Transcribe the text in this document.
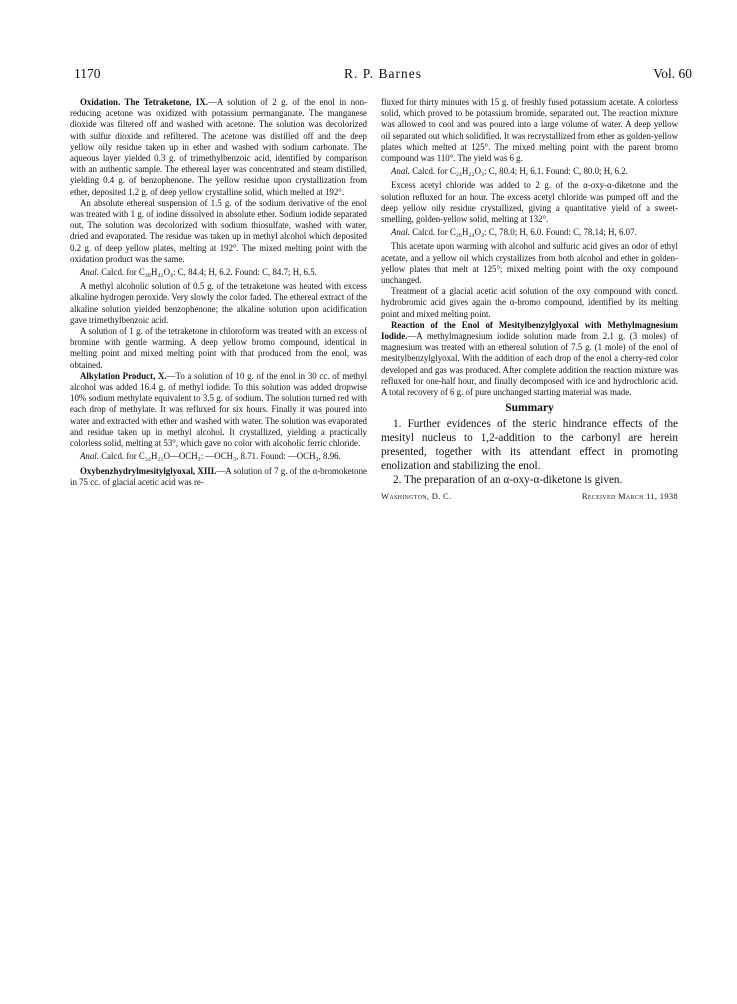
1170	R. P. Barnes	Vol. 60

Oxidation. The Tetraketone, IX.—A solution of 2 g. of the enol in non-reducing acetone was oxidized with potassium permanganate. The manganese dioxide was filtered off and washed with acetone. The solution was decolorized with sulfur dioxide and refiltered. The acetone was distilled off and the deep yellow oily residue taken up in ether and washed with sodium carbonate. The aqueous layer yielded 0.3 g. of trimethylbenzoic acid, identified by comparison with an authentic sample. The ethereal layer was concentrated and steam distilled, yielding 0.4 g. of benzophenone. The yellow residue upon crystallization from ether, deposited 1.2 g. of deep yellow crystalline solid, which melted at 192°.

An absolute ethereal suspension of 1.5 g. of the sodium derivative of the enol was treated with 1 g. of iodine dissolved in absolute ether. Sodium iodide separated out. The solution was decolorized with sodium thiosulfate, washed with water, dried and evaporated. The residue was taken up in methyl alcohol which deposited 0.2 g. of deep yellow plates, melting at 192°. The mixed melting point with the oxidation product was the same.

Anal. Calcd. for C₄₈H₄₂O₄: C, 84.4; H, 6.2. Found: C, 84.7; H, 6.5.

A methyl alcoholic solution of 0.5 g. of the tetraketone was heated with excess alkaline hydrogen peroxide. Very slowly the color faded. The ethereal extract of the alkaline solution yielded benzophenone; the alkaline solution upon acidification gave trimethylbenzoic acid.

A solution of 1 g. of the tetraketone in chloroform was treated with an excess of bromine with gentle warming. A deep yellow bromo compound, identical in melting point and mixed melting point with that produced from the enol, was obtained.

Alkylation Product, X.—To a solution of 10 g. of the enol in 30 cc. of methyl alcohol was added 16.4 g. of methyl iodide. To this solution was added dropwise 10% sodium methylate equivalent to 3.5 g. of sodium. The solution turned red with each drop of methylate. It was refluxed for six hours. Finally it was poured into water and extracted with ether and washed with water. The solution was evaporated and residue taken up in methyl alcohol. It crystallized, yielding a practically colorless solid, melting at 53°, which gave no color with alcoholic ferric chloride.

Anal. Calcd. for C₂₄H₂₁O—OCH₃: —OCH₃, 8.71. Found: —OCH₃, 8.96.

Oxybenzhydrylmesitylglyoxal, XIII.—A solution of 7 g. of the α-bromoketone in 75 cc. of glacial acetic acid was re-

fluxed for thirty minutes with 15 g. of freshly fused potassium acetate. A colorless solid, which proved to be potassium bromide, separated out. The reaction mixture was allowed to cool and was poured into a large volume of water. A deep yellow oil separated out which solidified. It was recrystallized from ether as golden-yellow plates which melted at 125°. The mixed melting point with the parent bromo compound was 110°. The yield was 6 g.

Anal. Calcd. for C₂₄H₂₂O₃: C, 80.4; H, 6.1. Found: C, 80.0; H, 6.2.

Excess acetyl chloride was added to 2 g. of the α-oxy-α-diketone and the solution refluxed for an hour. The excess acetyl chloride was pumped off and the deep yellow oily residue crystallized, giving a quantitative yield of a sweet-smelling, golden-yellow solid, melting at 132°.

Anal. Calcd. for C₂₆H₂₄O₄: C, 78.0; H, 6.0. Found: C, 78.14; H, 6.07.

This acetate upon warming with alcohol and sulfuric acid gives an odor of ethyl acetate, and a yellow oil which crystallizes from both alcohol and ether in golden-yellow plates that melt at 125°; mixed melting point with the oxy compound unchanged.

Treatment of a glacial acetic acid solution of the oxy compound with concd. hydrobromic acid gives again the α-bromo compound, identified by its melting point and mixed melting point.

Reaction of the Enol of Mesitylbenzylglyoxal with Methylmagnesium Iodide.—A methylmagnesium iodide solution made from 2.1 g. (3 moles) of magnesium was treated with an ethereal solution of 7.5 g. (1 mole) of the enol of mesitylbenzylglyoxal. With the addition of each drop of the enol a cherry-red color developed and gas was produced. After complete addition the reaction mixture was refluxed for one-half hour, and finally decomposed with ice and hydrochloric acid. A total recovery of 6 g. of pure unchanged starting material was made.

Summary

1. Further evidences of the steric hindrance effects of the mesityl nucleus to 1,2-addition to the carbonyl are herein presented, together with its attendant effect in promoting enolization and stabilizing the enol.

2. The preparation of an α-oxy-α-diketone is given.

Washington, D. C.	Received March 11, 1938
